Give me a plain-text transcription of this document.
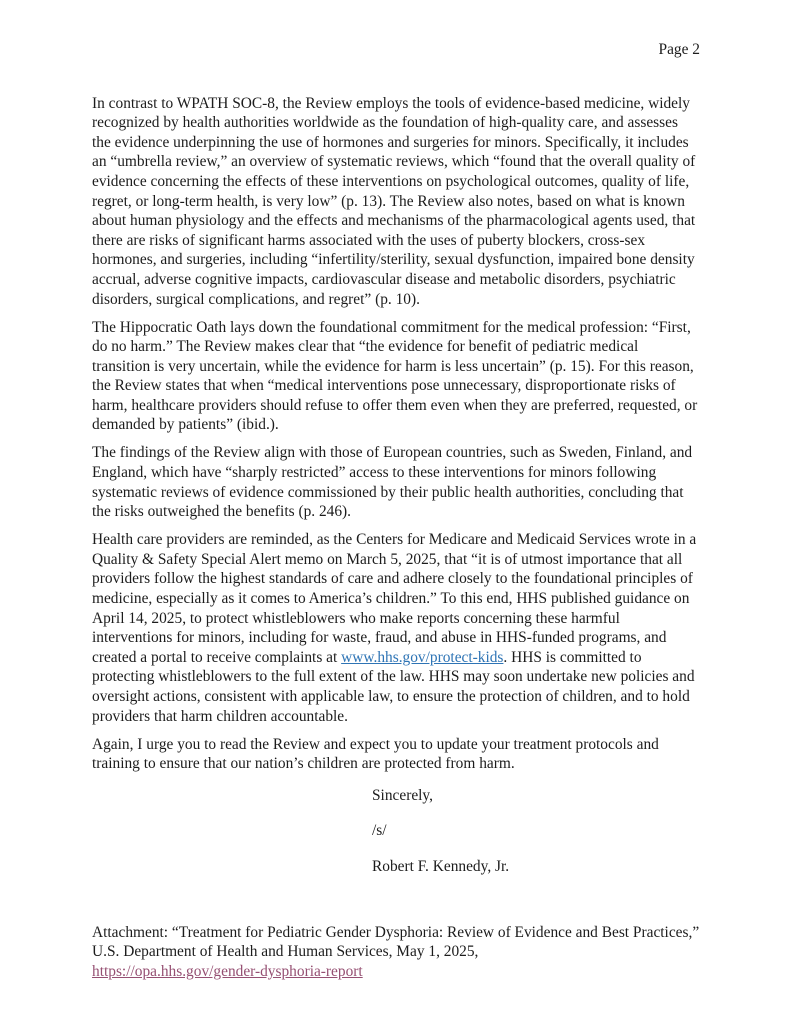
Page 2

In contrast to WPATH SOC-8, the Review employs the tools of evidence-based medicine, widely recognized by health authorities worldwide as the foundation of high-quality care, and assesses the evidence underpinning the use of hormones and surgeries for minors. Specifically, it includes an “umbrella review,” an overview of systematic reviews, which “found that the overall quality of evidence concerning the effects of these interventions on psychological outcomes, quality of life, regret, or long-term health, is very low” (p. 13). The Review also notes, based on what is known about human physiology and the effects and mechanisms of the pharmacological agents used, that there are risks of significant harms associated with the uses of puberty blockers, cross-sex hormones, and surgeries, including “infertility/sterility, sexual dysfunction, impaired bone density accrual, adverse cognitive impacts, cardiovascular disease and metabolic disorders, psychiatric disorders, surgical complications, and regret” (p. 10).

The Hippocratic Oath lays down the foundational commitment for the medical profession: “First, do no harm.” The Review makes clear that “the evidence for benefit of pediatric medical transition is very uncertain, while the evidence for harm is less uncertain” (p. 15). For this reason, the Review states that when “medical interventions pose unnecessary, disproportionate risks of harm, healthcare providers should refuse to offer them even when they are preferred, requested, or demanded by patients” (ibid.).

The findings of the Review align with those of European countries, such as Sweden, Finland, and England, which have “sharply restricted” access to these interventions for minors following systematic reviews of evidence commissioned by their public health authorities, concluding that the risks outweighed the benefits (p. 246).

Health care providers are reminded, as the Centers for Medicare and Medicaid Services wrote in a Quality & Safety Special Alert memo on March 5, 2025, that “it is of utmost importance that all providers follow the highest standards of care and adhere closely to the foundational principles of medicine, especially as it comes to America’s children.” To this end, HHS published guidance on April 14, 2025, to protect whistleblowers who make reports concerning these harmful interventions for minors, including for waste, fraud, and abuse in HHS-funded programs, and created a portal to receive complaints at www.hhs.gov/protect-kids. HHS is committed to protecting whistleblowers to the full extent of the law. HHS may soon undertake new policies and oversight actions, consistent with applicable law, to ensure the protection of children, and to hold providers that harm children accountable.

Again, I urge you to read the Review and expect you to update your treatment protocols and training to ensure that our nation’s children are protected from harm.

Sincerely,

/s/

Robert F. Kennedy, Jr.

Attachment: “Treatment for Pediatric Gender Dysphoria: Review of Evidence and Best Practices,” U.S. Department of Health and Human Services, May 1, 2025,
https://opa.hhs.gov/gender-dysphoria-report
